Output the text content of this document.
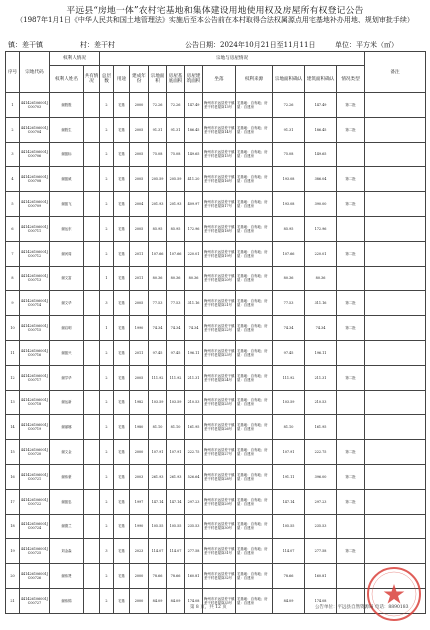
平远县“房地一体”农村宅基地和集体建设用地使用权及房屋所有权登记公告
（1987年1月1日《中华人民共和国土地管理法》实施后至本公告前在本村取得合法权属源点用宅基地补办用地、规划审批手续）
镇：差干镇	村：差干村	公告日期：2024年10月21日至11月11日	单位：平方米（㎡）
序号	宗地代码	权利人情况		宗地与房屋情况											备注
		权利人姓名	共有情况	总层数	用途	建成年份	宗地面积	房屋基底面积	房屋建筑面积	坐落	权利来源	宗地面积确认	建筑面积确认	情况类型	
1	441426106001JC00703	谢胜胜		2	宅基	2000	72.26	72.26	147.49	梅州市平远县差干镇差干村老屋岗13号	宅基地：自有地；房屋：自建房	72.26	147.49	第二批	
2	441426106001JC00704	谢胜生		2	宅基	2005	91.31	91.31	186.45	梅州市平远县差干镇差干村老屋岗14号	宅基地：自有地；房屋：自建房	91.31	186.45	第二批	
3	441426106001JC00706	谢振标		2	宅基	2005	75.08	75.08	149.65	梅州市平远县差干镇差干村老屋岗15号	宅基地：自有地；房屋：自建房	75.08	149.65		
4	441426106001JC00708	谢振威		2	宅基	2005	205.59	205.59	411.20	梅州市平远县差干镇差干村老屋岗16号	宅基地：自有地；房屋：自建房	193.08	386.04	第二批	
5	441426106001JC00709	谢振飞		2	宅基	2004	201.93	201.93	409.97	梅州市平远县差干镇差干村老屋岗17号	宅基地：自有地；房屋：自建房	193.08	390.00	第二批	
6	441426106001JC00711	谢运东		2	宅基	2005	85.95	85.95	172.96	梅州市平远县差干镇差干村老屋岗18号	宅基地：自有地；房屋：自建房	85.95	172.96		
7	441426106001JC00712	谢河周		2	宅基	2011	107.66	107.66	220.01	梅州市平远县差干镇差干村老屋岗19号	宅基地：自有地；房屋：自建房	107.66	220.01	第二批	
8	441426106001JC00713	谢文富		1	宅基	2011	80.36	80.36	80.36	梅州市平远县差干镇差干村老屋岗20号	宅基地：自有地；房屋：自建房	80.36	80.36		
9	441426106001JC00714	谢文华		3	宅基	2005	77.53	77.53	311.16	梅州市平远县差干镇差干村老屋岗21号	宅基地：自有地；房屋：自建房	77.53	311.16	第二批	
10	441426106001JC00715	谢启明		1	宅基	1990	74.34	74.34	74.34	梅州市平远县差干镇差干村老屋岗22号	宅基地：自有地；房屋：自建房	74.34	74.34	第二批	
11	441426106001JC00716	谢振兴		2	宅基	2011	97.45	97.45	196.11	梅州市平远县差干镇差干村老屋岗23号	宅基地：自有地；房屋：自建房	97.45	196.11		
12	441426106001JC00717	谢学华		2	宅基	2005	111.92	111.92	211.31	梅州市平远县差干镇差干村老屋岗24号	宅基地：自有地；房屋：自建房	111.92	211.31	第二批	
13	441426106001JC00718	谢运新		2	宅基	1982	103.59	103.59	210.53	梅州市平远县差干镇差干村老屋岗25号	宅基地：自有地；房屋：自建房	103.59	210.53		
14	441426106001JC00719	谢丽娜		2	宅基	1980	81.10	81.10	161.95	梅州市平远县差干镇差干村老屋岗26号	宅基地：自有地；房屋：自建房	81.10	161.95		
15	441426106001JC00720	谢文金		2	宅基	2000	107.91	107.91	222.75	梅州市平远县差干镇差干村老屋岗27号	宅基地：自有地；房屋：自建房	107.91	222.75	第二批	
16	441426106001JC00721	谢伟豪		2	宅基	2003	261.93	261.93	526.64	梅州市平远县差干镇差干村老屋岗28号	宅基地：自有地；房屋：自建房	191.11	396.00	第二批	
17	441426106001JC00722	谢振忠		2	宅基	1997	147.14	147.14	297.23	梅州市平远县差干镇差干村老屋岗29号	宅基地：自有地；房屋：自建房	147.14	297.23	第二批	
18	441426106001JC00724	谢德兰		2	宅基	1990	105.55	105.55	235.53	梅州市平远县差干镇差干村老屋岗30号	宅基地：自有地；房屋：自建房	105.55	235.53		
19	441426106001JC00725	刘金森		3	宅基	2023	114.07	114.07	277.58	梅州市平远县差干镇差干村老屋岗31号	宅基地：自有地；房屋：自建房	114.07	277.58	第二批	
20	441426106001JC00726	谢伟贤		2	宅基	2000	78.66	78.66	160.81	梅州市平远县差干镇差干村老屋岗32号	宅基地：自有地；房屋：自建房	78.66	160.81		
21	441426106001JC00727	谢伟锦		2	宅基	2000	84.09	84.09	174.08	梅州市平远县差干镇差干村老屋岗33号	宅基地：自有地；房屋：自建房	84.09	174.08		
第 8 页，共 12 页	公告单位：平远县自然资源局 电话：8890183
